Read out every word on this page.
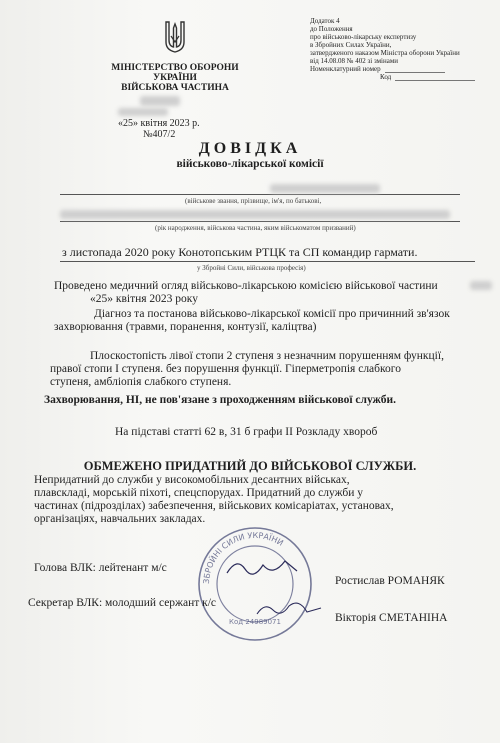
Додаток 4
до Положення
про військово-лікарську експертизу
в Збройних Силах України,
затвердженого наказом Міністра оборони України
від 14.08.08 № 402 зі змінами
Номенклатурний номер
Код
МІНІСТЕРСТВО ОБОРОНИ
УКРАЇНИ
ВІЙСЬКОВА ЧАСТИНА
«25» квітня 2023 р.
№407/2
ДОВІДКА
військово-лікарської комісії
(військове звання, прізвище, ім'я, по батькові,
(рік народження, військова частина, яким військоматом призваний)
з листопада 2020 року Конотопським РТЦК та СП командир гармати.
у Збройні Сили, військова професія)
Проведено медичний огляд військово-лікарською комісією військової частини
«25» квітня 2023 року
Діагноз та постанова військово-лікарської комісії про причинний зв'язок
захворювання (травми, поранення, контузії, каліцтва)
Плоскостопість лівої стопи 2 ступеня з незначним порушенням функції,
правої стопи I ступеня. без порушення функції. Гіперметропія слабкого
ступеня, амбліопія слабкого ступеня.
Захворювання, НІ, не пов'язане з проходженням військової служби.
На підставі статті 62 в, 31 б графи II Розкладу хвороб
ОБМЕЖЕНО ПРИДАТНИЙ ДО ВІЙСЬКОВОЇ СЛУЖБИ.
Непридатний до служби у високомобільних десантних військах,
плавскладі, морській піхоті, спецспорудах. Придатний до служби у
частинах (підрозділах) забезпечення, військових комісаріатах, установах,
організаціях, навчальних закладах.
ЗБРОЙНІ СИЛИ УКРАЇНИ
Код 24989071
Голова ВЛК: лейтенант м/с
Ростислав РОМАНЯК
Секретар ВЛК: молодший сержант к/с
Вікторія СМЕТАНІНА
